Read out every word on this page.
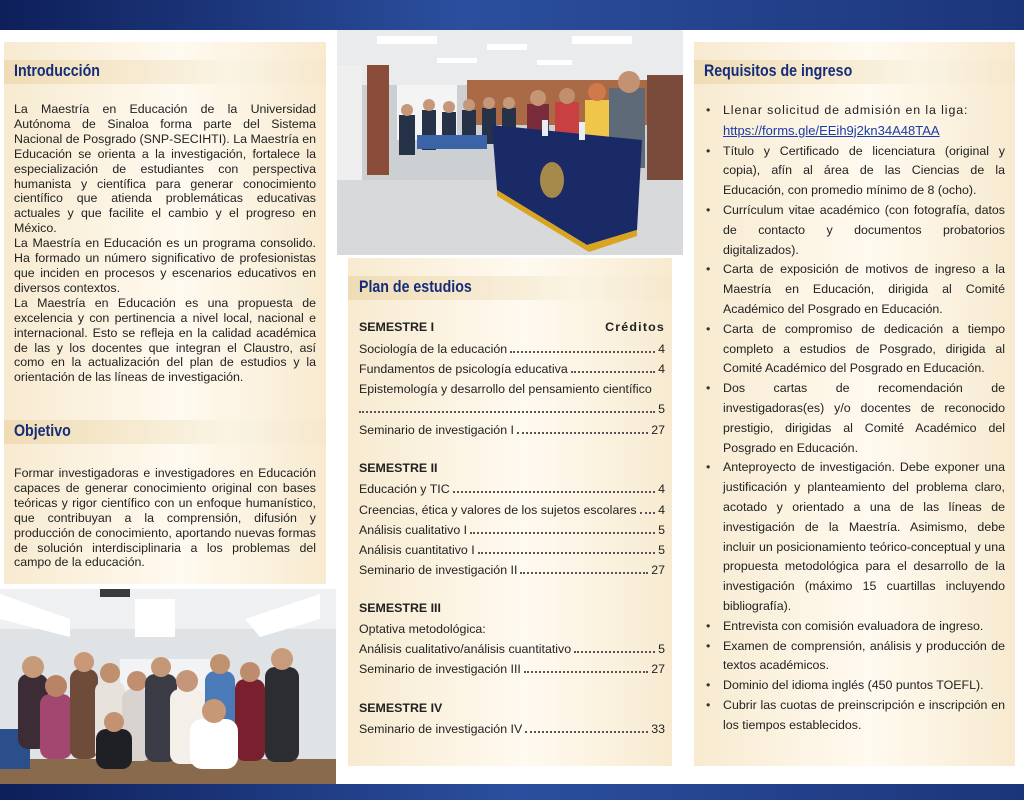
Introducción

La Maestría en Educación de la Universidad Autónoma de Sinaloa forma parte del Sistema Nacional de Posgrado (SNP-SECIHTI). La Maestría en Educación se orienta a la investigación, fortalece la especialización de estudiantes con perspectiva humanista y científica para generar conocimiento científico que atienda problemáticas educativas actuales y que facilite el cambio y el progreso en México.

La Maestría en Educación es un programa consolido. Ha formado un número significativo de profesionistas que inciden en procesos y escenarios educativos en diversos contextos.

La Maestría en Educación es una propuesta de excelencia y con pertinencia a nivel local, nacional e internacional. Esto se refleja en la calidad académica de las y los docentes que integran el Claustro, así como en la actualización del plan de estudios y la orientación de las líneas de investigación.

Objetivo
Formar investigadoras e investigadores en Educación capaces de generar conocimiento original con bases teóricas y rigor científico con un enfoque humanístico, que contribuyan a la comprensión, difusión y producción de conocimiento, aportando nuevas formas de solución interdisciplinaria a los problemas del campo de la educación.
Plan de estudios
SEMESTRE I	Créditos
Sociología de la educación	4
Fundamentos de psicología educativa	4
Epistemología y desarrollo del pensamiento científico
5
Seminario de investigación I	27
SEMESTRE II
Educación y TIC	4
Creencias, ética y valores de los sujetos escolares 4
Análisis cualitativo I	5
Análisis cuantitativo I	5
Seminario de investigación II	27
SEMESTRE III
Optativa metodológica:
Análisis cualitativo/análisis cuantitativo	5
Seminario de investigación III	27
SEMESTRE IV
Seminario de investigación IV	33
Requisitos de ingreso
• Llenar solicitud de admisión en la liga:
https://forms.gle/EEih9j2kn34A48TAA
• Título y Certificado de licenciatura (original y copia), afín al área de las Ciencias de la Educación, con promedio mínimo de 8 (ocho).
• Currículum vitae académico (con fotografía, datos de contacto y documentos probatorios digitalizados).
• Carta de exposición de motivos de ingreso a la Maestría en Educación, dirigida al Comité Académico del Posgrado en Educación.
• Carta de compromiso de dedicación a tiempo completo a estudios de Posgrado, dirigida al Comité Académico del Posgrado en Educación.
• Dos cartas de recomendación de investigadoras(es) y/o docentes de reconocido prestigio, dirigidas al Comité Académico del Posgrado en Educación.
• Anteproyecto de investigación. Debe exponer una justificación y planteamiento del problema claro, acotado y orientado a una de las líneas de investigación de la Maestría. Asimismo, debe incluir un posicionamiento teórico-conceptual y una propuesta metodológica para el desarrollo de la investigación (máximo 15 cuartillas incluyendo bibliografía).
• Entrevista con comisión evaluadora de ingreso.
• Examen de comprensión, análisis y producción de textos académicos.
• Dominio del idioma inglés (450 puntos TOEFL).
• Cubrir las cuotas de preinscripción e inscripción en los tiempos establecidos.
